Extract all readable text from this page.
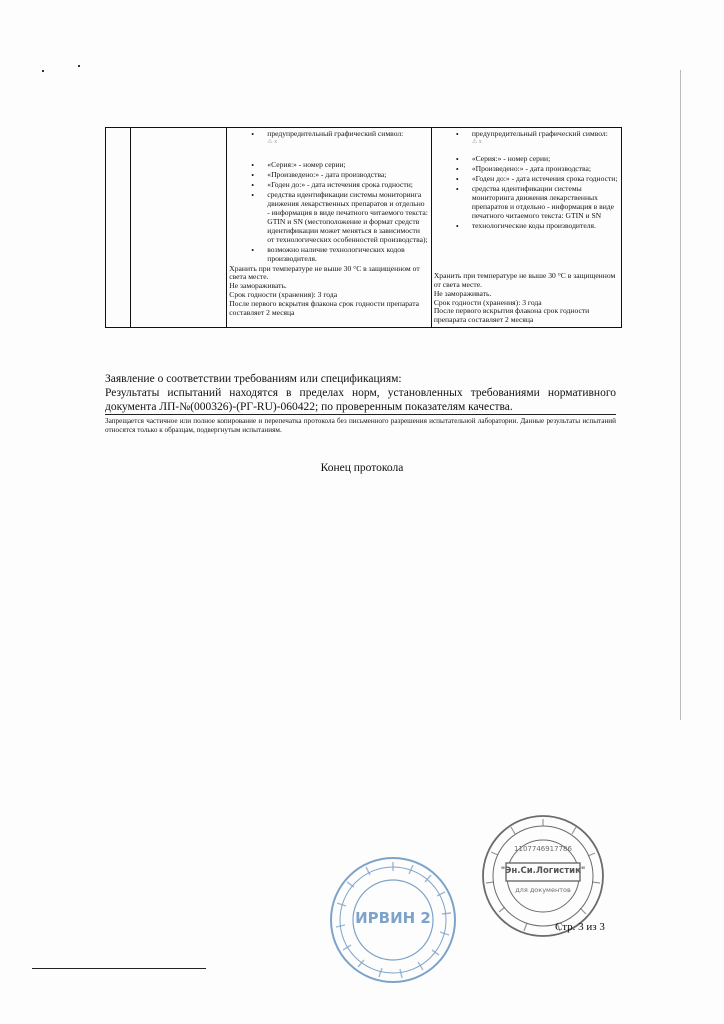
• предупредительный графический символ:
⚠ x
• «Серия:» - номер серии;
• «Произведено:» - дата производства;
• «Годен до:» - дата истечения срока годности;
• средства идентификации системы мониторинга движения лекарственных препаратов и отдельно - информация в виде печатного читаемого текста: GTIN и SN (местоположение и формат средств идентификации может меняться в зависимости от технологических особенностей производства);
• возможно наличие технологических кодов производителя.
Хранить при температуре не выше 30 °С в защищенном от света месте.
Не замораживать.
Срок годности (хранения): 3 года
После первого вскрытия флакона срок годности препарата составляет 2 месяца

• предупредительный графический символ:
⚠ x
• «Серия:» - номер серии;
• «Произведено:» - дата производства;
• «Годен до:» - дата истечения срока годности;
• средства идентификации системы мониторинга движения лекарственных препаратов и отдельно - информация в виде печатного читаемого текста: GTIN и SN
• технологические коды производителя.
Хранить при температуре не выше 30 °С в защищенном от света месте.
Не замораживать.
Срок годности (хранения): 3 года
После первого вскрытия флакона срок годности препарата составляет 2 месяца

Заявление о соответствии требованиям или спецификациям:

Результаты испытаний находятся в пределах норм, установленных требованиями нормативного

документа ЛП-№(000326)-(РГ-RU)-060422; по проверенным показателям качества.

Запрещается частичное или полное копирование и перепечатка протокола без письменного разрешения испытательной лаборатории. Данные результаты испытаний относятся только к образцам, подвергнутым испытаниям.
Конец протокола
ИРВИН 2
1107746917786
"Эн.Си.Логистик"
для документов
Стр. 3 из 3
